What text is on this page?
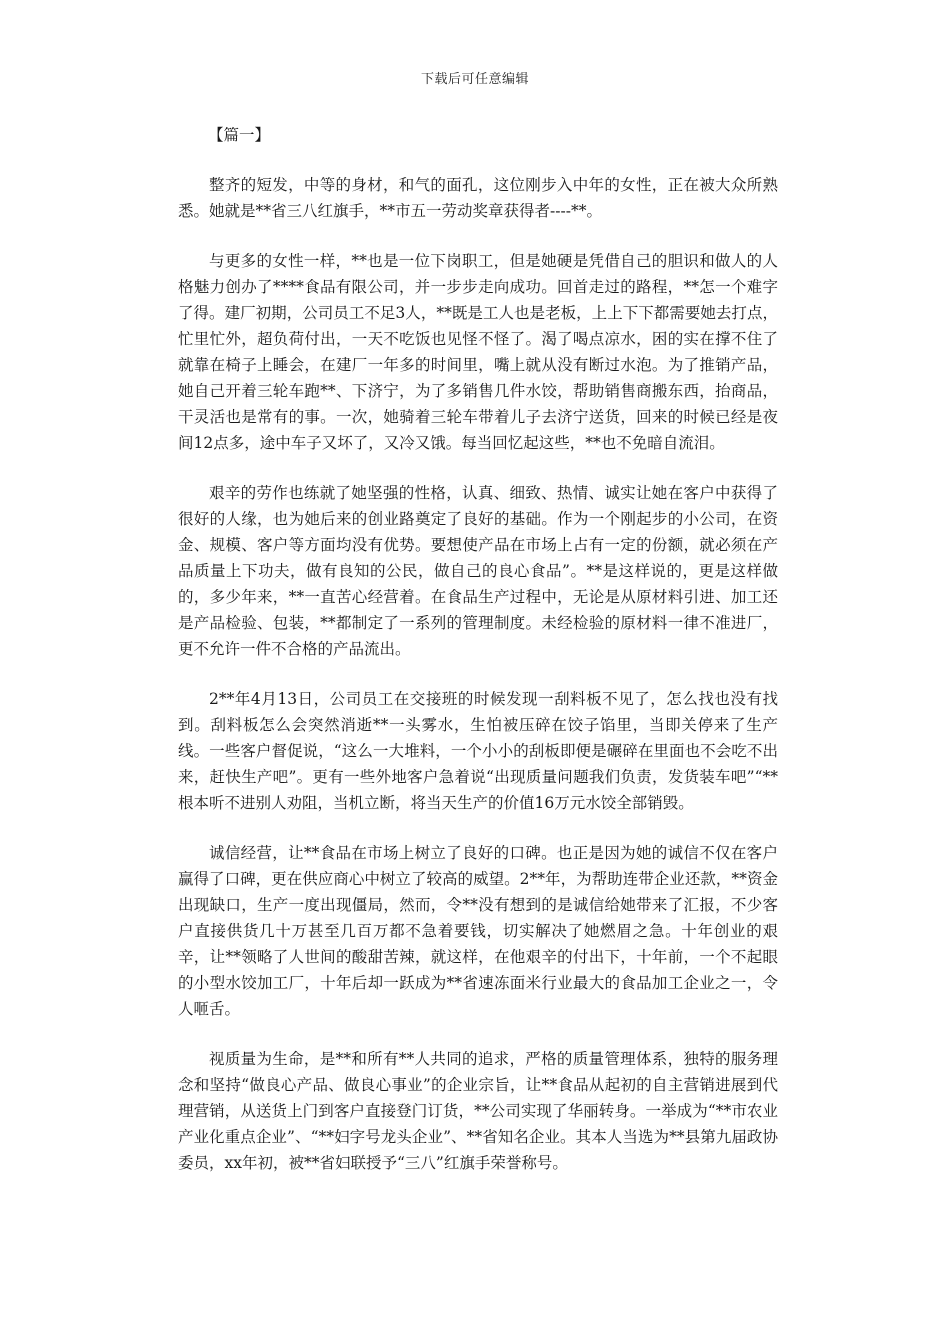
下载后可任意编辑

【篇一】

整齐的短发，中等的身材，和气的面孔，这位刚步入中年的女性，正在被大众所熟悉。她就是**省三八红旗手，**市五一劳动奖章获得者----**。

与更多的女性一样，**也是一位下岗职工，但是她硬是凭借自己的胆识和做人的人格魅力创办了****食品有限公司，并一步步走向成功。回首走过的路程，**怎一个难字了得。建厂初期，公司员工不足3人，**既是工人也是老板，上上下下都需要她去打点，忙里忙外，超负荷付出，一天不吃饭也见怪不怪了。渴了喝点凉水，困的实在撑不住了就靠在椅子上睡会，在建厂一年多的时间里，嘴上就从没有断过水泡。为了推销产品，她自己开着三轮车跑**、下济宁，为了多销售几件水饺，帮助销售商搬东西，抬商品，干灵活也是常有的事。一次，她骑着三轮车带着儿子去济宁送货，回来的时候已经是夜间12点多，途中车子又坏了，又冷又饿。每当回忆起这些，**也不免暗自流泪。

艰辛的劳作也练就了她坚强的性格，认真、细致、热情、诚实让她在客户中获得了很好的人缘，也为她后来的创业路奠定了良好的基础。作为一个刚起步的小公司，在资金、规模、客户等方面均没有优势。要想使产品在市场上占有一定的份额，就必须在产品质量上下功夫，做有良知的公民，做自己的良心食品”。**是这样说的，更是这样做的，多少年来，**一直苦心经营着。在食品生产过程中，无论是从原材料引进、加工还是产品检验、包装，**都制定了一系列的管理制度。未经检验的原材料一律不准进厂，更不允许一件不合格的产品流出。

2**年4月13日，公司员工在交接班的时候发现一刮料板不见了，怎么找也没有找到。刮料板怎么会突然消逝**一头雾水，生怕被压碎在饺子馅里，当即关停来了生产线。一些客户督促说，“这么一大堆料，一个小小的刮板即便是碾碎在里面也不会吃不出来，赶快生产吧”。更有一些外地客户急着说“出现质量问题我们负责，发货装车吧”“**根本听不进别人劝阻，当机立断，将当天生产的价值16万元水饺全部销毁。

诚信经营，让**食品在市场上树立了良好的口碑。也正是因为她的诚信不仅在客户赢得了口碑，更在供应商心中树立了较高的威望。2**年，为帮助连带企业还款，**资金出现缺口，生产一度出现僵局，然而，令**没有想到的是诚信给她带来了汇报，不少客户直接供货几十万甚至几百万都不急着要钱，切实解决了她燃眉之急。十年创业的艰辛，让**领略了人世间的酸甜苦辣，就这样，在他艰辛的付出下，十年前，一个不起眼的小型水饺加工厂，十年后却一跃成为**省速冻面米行业最大的食品加工企业之一，令人咂舌。

视质量为生命，是**和所有**人共同的追求，严格的质量管理体系，独特的服务理念和坚持“做良心产品、做良心事业”的企业宗旨，让**食品从起初的自主营销进展到代理营销，从送货上门到客户直接登门订货，**公司实现了华丽转身。一举成为“**市农业产业化重点企业”、“**妇字号龙头企业”、**省知名企业。其本人当选为**县第九届政协委员，xx年初，被**省妇联授予“三八”红旗手荣誉称号。
